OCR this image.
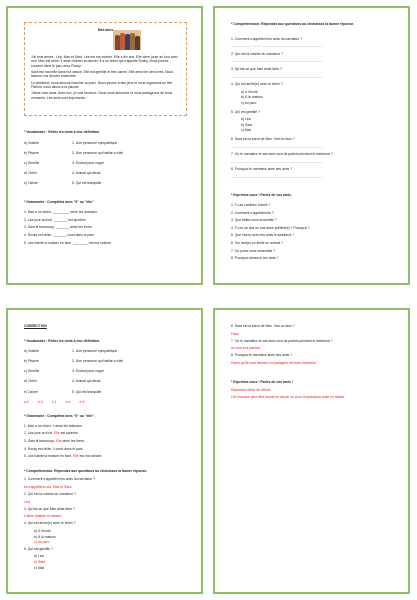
Mes amis

J'ai trois amies : Léa, Max et Sara. Léa est ma voisine. Elle a dix ans. Elle aime jouer au foot avec moi. Max est drôle. Il aime chanter et danser. Il a un chien qui s'appelle Rocky. Nous jouons souvent dans le parc avec Rocky.

Sara est nouvelle dans ma classe. Elle est gentille et très calme. Elle aime lire des livres. Nous faisons nos devoirs ensemble.

Le weekend, nous aimons marcher au parc. Nous jouons à des jeux et nous regardons un film. Parfois, nous allons à la piscine.

J'aime mes amis. Avec eux, je suis heureux. Nous nous amusons et nous partageons de bons moments. Les amis sont importants !

* Vocabulaire : Reliez les mots à leur définition.
a) Voisine	1. Une personne sympathique
b) Piscine	2. Une personne qui habite à côté
c) Gentille	3. Endroit pour nager
d) Chien	4. Animal qui aboie
e) Calme	5. Qui est tranquille
* Grammaire : Complétez avec "il" ou "elle".
1. Max a un chien. _________ aime les animaux.
2. Léa joue au foot. _______ est sportive.
3. Sara lit beaucoup. _______ aime les livres.
4. Rocky est drôle. _______ court dans le parc.
5. Léa habite la maison en face. ________ est ma voisine.
* Compréhension: Répondez aux questions ou choisissez la bonne réponse.
1. Comment s'appellent les amis du narrateur ?
………………………………………………………………………
2. Qui est la voisine du narrateur ?
………………………………………………………………………
3. Qu'est-ce que Max aime faire ?
………………………………………………………………………
4. Qui est arrivé(e) avec le chien ?
a) À l'école
b) À la maison
c) Au parc
5. Qui est gentille ?
a) Léa
b) Sara
c) Max
6. Sara est la sœur de Max. Vrai ou faux ?
………………………………………………………………………
7. Où le narrateur et ses amis vont-ils parfois pendant le weekend ?
………………………………………………………………………
8. Pourquoi le narrateur aime ses amis ?
………………………………………………………………………
* Exprimez-vous ! Parlez de vos amis.
1. Tu as combien d'amis ?
2. Comment s'appellent-ils ?
3. Que faites-vous ensemble ?
4. Tu es un ami ou une amie préféré(e) ? Pourquoi ?
5. Que fais-tu avec tes amis le weekend ?
6. Ton ami(e) a-t-il/elle un animal ?
7. Où jouez-vous ensemble ?
8. Pourquoi aimes-tu tes amis ?
CORRECTION
* Vocabulaire : Reliez les mots à leur définition.
a) Voisine	1. Une personne sympathique
b) Piscine	2. Une personne qui habite à côté
c) Gentille	3. Endroit pour nager
d) Chien	4. Animal qui aboie
e) Calme	5. Qui est tranquille
a-2	b-3	c-1	d-4	e-5
* Grammaire : Complétez avec "il" ou "elle".
1. Max a un chien. Il aime les animaux.
2. Léa joue au foot. Elle est sportive.
3. Sara lit beaucoup. Elle aime les livres.
4. Rocky est drôle. Il court dans le parc.
5. Léa habite la maison en face. Elle est ma voisine.
* Compréhension: Répondez aux questions ou choisissez la bonne réponse.
1. Comment s'appellent les amis du narrateur ?
Ils s'appellent Léa, Max et Sara.
2. Qui est la voisine du narrateur ?
Léa
3. Qu'est-ce que Max aime faire ?
Il aime chanter et danser.
4. Qui est arrivé(e) avec le chien ?
a) À l'école
b) À la maison
c) Au parc
5. Qui est gentille ?
a) Léa
b) Sara
c) Max
6. Sara est la sœur de Max. Vrai ou faux ?
Faux
7. Où le narrateur et ses amis vont-ils parfois pendant le weekend ?
Ils vont à la piscine.
8. Pourquoi le narrateur aime ses amis ?
Parce qu'ils sont heureux et partagent de bons moments.
* Exprimez-vous ! Parlez de vos amis !
Réponses libres de l'élève.
Cet exercice peut être donné en devoir ou pour l'expression orale en classe.
